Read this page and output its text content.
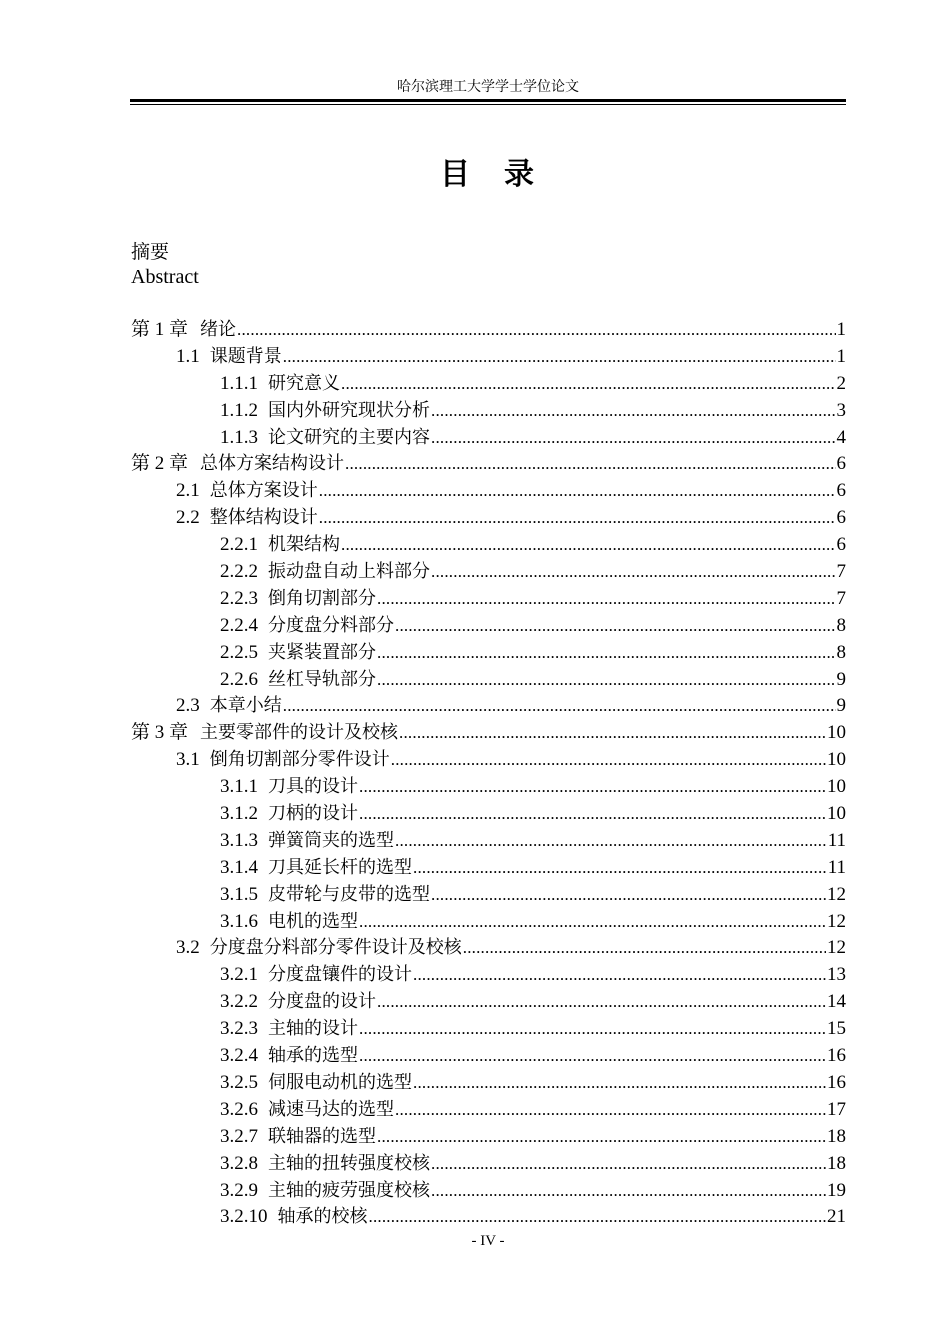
哈尔滨理工大学学士学位论文
目　录
摘要
Abstract
第 1 章 绪论 .....	1
1.1 课题背景 .....	1
1.1.1 研究意义 .....	2
1.1.2 国内外研究现状分析 .....	3
1.1.3 论文研究的主要内容 .....	4
第 2 章 总体方案结构设计 .....	6
2.1 总体方案设计 .....	6
2.2 整体结构设计 .....	6
2.2.1 机架结构 .....	6
2.2.2 振动盘自动上料部分 .....	7
2.2.3 倒角切割部分 .....	7
2.2.4 分度盘分料部分 .....	8
2.2.5 夹紧装置部分 .....	8
2.2.6 丝杠导轨部分 .....	9
2.3 本章小结 .....	9
第 3 章 主要零部件的设计及校核 .....	10
3.1 倒角切割部分零件设计 .....	10
3.1.1 刀具的设计 .....	10
3.1.2 刀柄的设计 .....	10
3.1.3 弹簧筒夹的选型 .....	11
3.1.4 刀具延长杆的选型 .....	11
3.1.5 皮带轮与皮带的选型 .....	12
3.1.6 电机的选型 .....	12
3.2 分度盘分料部分零件设计及校核 .....	12
3.2.1 分度盘镶件的设计 .....	13
3.2.2 分度盘的设计 .....	14
3.2.3 主轴的设计 .....	15
3.2.4 轴承的选型 .....	16
3.2.5 伺服电动机的选型 .....	16
3.2.6 减速马达的选型 .....	17
3.2.7 联轴器的选型 .....	18
3.2.8 主轴的扭转强度校核 .....	18
3.2.9 主轴的疲劳强度校核 .....	19
3.2.10 轴承的校核 .....	21
- IV -
